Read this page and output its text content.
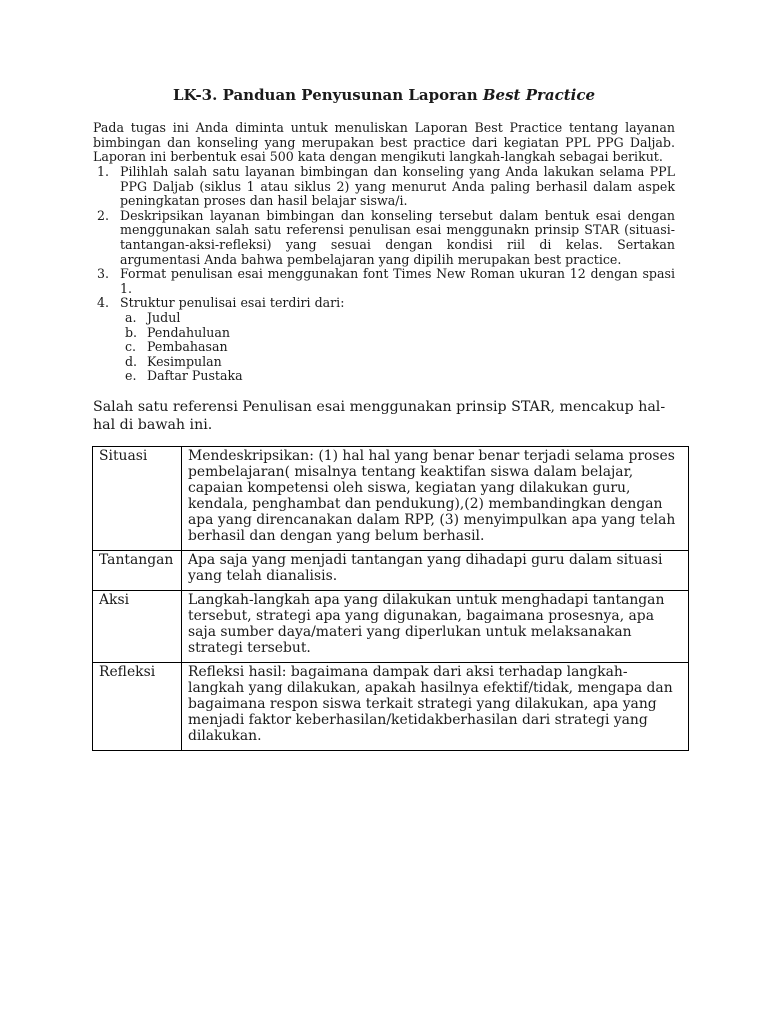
LK-3. Panduan Penyusunan Laporan Best Practice
Pada tugas ini Anda diminta untuk menuliskan Laporan Best Practice tentang layanan bimbingan dan konseling yang merupakan best practice dari kegiatan PPL PPG Daljab. Laporan ini berbentuk esai 500 kata dengan mengikuti langkah-langkah sebagai berikut.
1. Pilihlah salah satu layanan bimbingan dan konseling yang Anda lakukan selama PPL PPG Daljab (siklus 1 atau siklus 2) yang menurut Anda paling berhasil dalam aspek peningkatan proses dan hasil belajar siswa/i.
2. Deskripsikan layanan bimbingan dan konseling tersebut dalam bentuk esai dengan menggunakan salah satu referensi penulisan esai menggunakn prinsip STAR (situasi-tantangan-aksi-refleksi) yang sesuai dengan kondisi riil di kelas. Sertakan argumentasi Anda bahwa pembelajaran yang dipilih merupakan best practice.
3. Format penulisan esai menggunakan font Times New Roman ukuran 12 dengan spasi 1.
4. Struktur penulisai esai terdiri dari:
a. Judul
b. Pendahuluan
c. Pembahasan
d. Kesimpulan
e. Daftar Pustaka
Salah satu referensi Penulisan esai menggunakan prinsip STAR, mencakup hal-hal di bawah ini.
Situasi	Mendeskripsikan: (1) hal hal yang benar benar terjadi selama proses pembelajaran( misalnya tentang keaktifan siswa dalam belajar, capaian kompetensi oleh siswa, kegiatan yang dilakukan guru, kendala, penghambat dan pendukung),(2) membandingkan dengan apa yang direncanakan dalam RPP, (3) menyimpulkan apa yang telah berhasil dan dengan yang belum berhasil.
Tantangan	Apa saja yang menjadi tantangan yang dihadapi guru dalam situasi yang telah dianalisis.
Aksi	Langkah-langkah apa yang dilakukan untuk menghadapi tantangan tersebut, strategi apa yang digunakan, bagaimana prosesnya, apa saja sumber daya/materi yang diperlukan untuk melaksanakan strategi tersebut.
Refleksi	Refleksi hasil: bagaimana dampak dari aksi terhadap langkah-langkah yang dilakukan, apakah hasilnya efektif/tidak, mengapa dan bagaimana respon siswa terkait strategi yang dilakukan, apa yang menjadi faktor keberhasilan/ketidakberhasilan dari strategi yang dilakukan.
